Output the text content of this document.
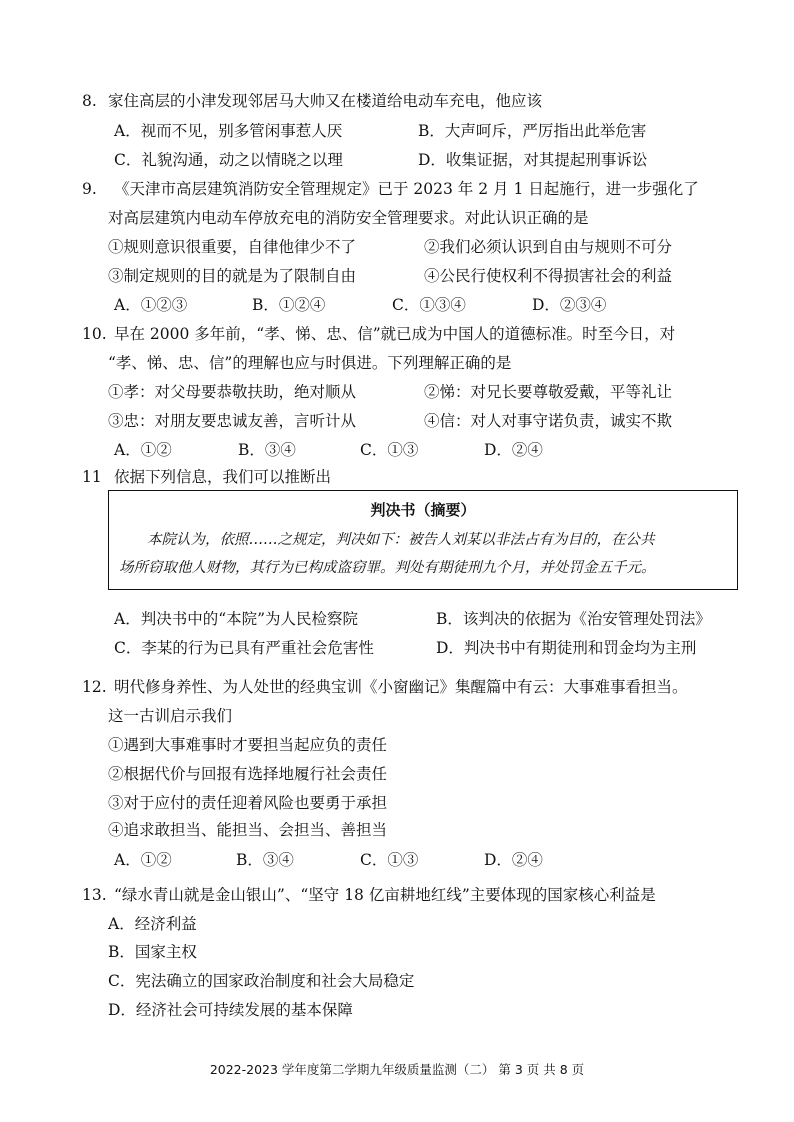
8. 家住高层的小津发现邻居马大帅又在楼道给电动车充电，他应该
A．视而不见，别多管闲事惹人厌	B．大声呵斥，严厉指出此举危害
C．礼貌沟通，动之以情晓之以理	D．收集证据，对其提起刑事诉讼
9. 《天津市高层建筑消防安全管理规定》已于 2023 年 2 月 1 日起施行，进一步强化了
对高层建筑内电动车停放充电的消防安全管理要求。对此认识正确的是
①规则意识很重要，自律他律少不了	②我们必须认识到自由与规则不可分
③制定规则的目的就是为了限制自由	④公民行使权利不得损害社会的利益
A．①②③	B．①②④	C．①③④	D．②③④
10. 早在 2000 多年前，“孝、悌、忠、信”就已成为中国人的道德标准。时至今日，对
“孝、悌、忠、信”的理解也应与时俱进。下列理解正确的是
①孝：对父母要恭敬扶助，绝对顺从	②悌：对兄长要尊敬爱戴，平等礼让
③忠：对朋友要忠诚友善，言听计从	④信：对人对事守诺负责，诚实不欺
A．①②	B．③④	C．①③	D．②④
11 依据下列信息，我们可以推断出
判决书（摘要）
本院认为，依照……之规定，判决如下：被告人刘某以非法占有为目的，在公共
场所窃取他人财物，其行为已构成盗窃罪。判处有期徒刑九个月，并处罚金五千元。
A．判决书中的“本院”为人民检察院	B．该判决的依据为《治安管理处罚法》
C．李某的行为已具有严重社会危害性	D．判决书中有期徒刑和罚金均为主刑
12. 明代修身养性、为人处世的经典宝训《小窗幽记》集醒篇中有云：大事难事看担当。
这一古训启示我们
①遇到大事难事时才要担当起应负的责任
②根据代价与回报有选择地履行社会责任
③对于应付的责任迎着风险也要勇于承担
④追求敢担当、能担当、会担当、善担当
A．①②	B．③④	C．①③	D．②④
13. “绿水青山就是金山银山”、“坚守 18 亿亩耕地红线”主要体现的国家核心利益是
A．经济利益
B．国家主权
C．宪法确立的国家政治制度和社会大局稳定
D．经济社会可持续发展的基本保障
2022-2023 学年度第二学期九年级质量监测（二） 第 3 页 共 8 页
